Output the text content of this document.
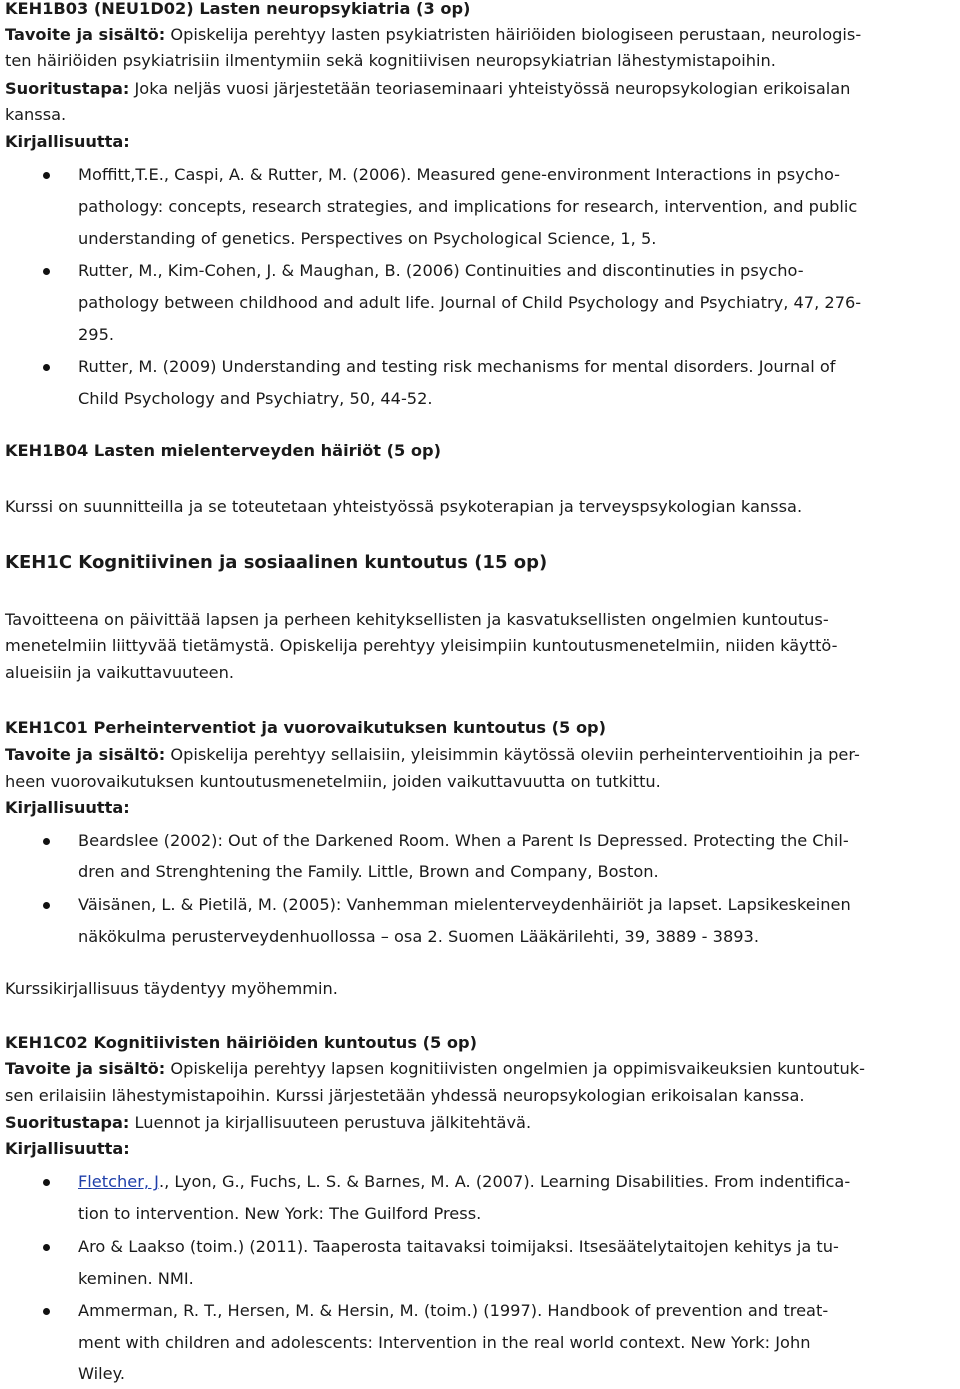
KEH1B03 (NEU1D02) Lasten neuropsykiatria (3 op)
Tavoite ja sisältö: Opiskelija perehtyy lasten psykiatristen häiriöiden biologiseen perustaan, neurologis-
ten häiriöiden psykiatrisiin ilmentymiin sekä kognitiivisen neuropsykiatrian lähestymistapoihin.
Suoritustapa: Joka neljäs vuosi järjestetään teoriaseminaari yhteistyössä neuropsykologian erikoisalan
kanssa.
Kirjallisuutta:
Moffitt,T.E., Caspi, A. & Rutter, M. (2006). Measured gene-environment Interactions in psycho-
pathology: concepts, research strategies, and implications for research, intervention, and public
understanding of genetics. Perspectives on Psychological Science, 1, 5.
Rutter, M., Kim-Cohen, J. & Maughan, B. (2006) Continuities and discontinuties in psycho-
pathology between childhood and adult life. Journal of Child Psychology and Psychiatry, 47, 276-
295.
Rutter, M. (2009) Understanding and testing risk mechanisms for mental disorders. Journal of
Child Psychology and Psychiatry, 50, 44-52.
KEH1B04 Lasten mielenterveyden häiriöt (5 op)
Kurssi on suunnitteilla ja se toteutetaan yhteistyössä psykoterapian ja terveyspsykologian kanssa.
KEH1C Kognitiivinen ja sosiaalinen kuntoutus (15 op)
Tavoitteena on päivittää lapsen ja perheen kehityksellisten ja kasvatuksellisten ongelmien kuntoutus-
menetelmiin liittyvää tietämystä. Opiskelija perehtyy yleisimpiin kuntoutusmenetelmiin, niiden käyttö-
alueisiin ja vaikuttavuuteen.
KEH1C01 Perheinterventiot ja vuorovaikutuksen kuntoutus (5 op)
Tavoite ja sisältö: Opiskelija perehtyy sellaisiin, yleisimmin käytössä oleviin perheinterventioihin ja per-
heen vuorovaikutuksen kuntoutusmenetelmiin, joiden vaikuttavuutta on tutkittu.
Kirjallisuutta:
Beardslee (2002): Out of the Darkened Room. When a Parent Is Depressed. Protecting the Chil-
dren and Strenghtening the Family. Little, Brown and Company, Boston.
Väisänen, L. & Pietilä, M. (2005): Vanhemman mielenterveydenhäiriöt ja lapset. Lapsikeskeinen
näkökulma perusterveydenhuollossa – osa 2. Suomen Lääkärilehti, 39, 3889 - 3893.
Kurssikirjallisuus täydentyy myöhemmin.
KEH1C02 Kognitiivisten häiriöiden kuntoutus (5 op)
Tavoite ja sisältö: Opiskelija perehtyy lapsen kognitiivisten ongelmien ja oppimisvaikeuksien kuntoutuk-
sen erilaisiin lähestymistapoihin. Kurssi järjestetään yhdessä neuropsykologian erikoisalan kanssa.
Suoritustapa: Luennot ja kirjallisuuteen perustuva jälkitehtävä.
Kirjallisuutta:
Fletcher, J., Lyon, G., Fuchs, L. S. & Barnes, M. A. (2007). Learning Disabilities. From indentifica-
tion to intervention. New York: The Guilford Press.
Aro & Laakso (toim.) (2011). Taaperosta taitavaksi toimijaksi. Itsesäätelytaitojen kehitys ja tu-
keminen. NMI.
Ammerman, R. T., Hersen, M. & Hersin, M. (toim.) (1997). Handbook of prevention and treat-
ment with children and adolescents: Intervention in the real world context. New York: John
Wiley.
